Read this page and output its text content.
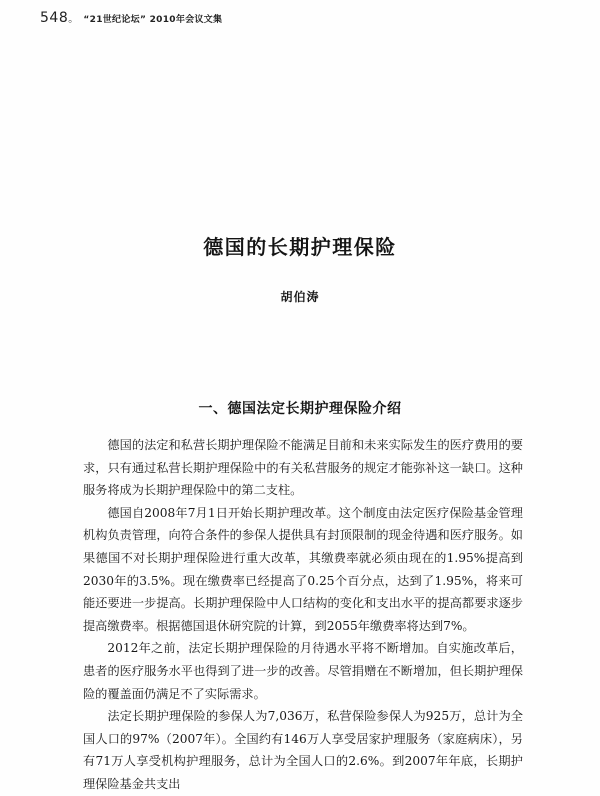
548。 “21世纪论坛” 2010年会议文集
德国的长期护理保险
胡伯涛
一、德国法定长期护理保险介绍

德国的法定和私营长期护理保险不能满足目前和未来实际发生的医疗费用的要求，只有通过私营长期护理保险中的有关私营服务的规定才能弥补这一缺口。这种服务将成为长期护理保险中的第二支柱。

德国自2008年7月1日开始长期护理改革。这个制度由法定医疗保险基金管理机构负责管理，向符合条件的参保人提供具有封顶限制的现金待遇和医疗服务。如果德国不对长期护理保险进行重大改革，其缴费率就必须由现在的1.95%提高到2030年的3.5%。现在缴费率已经提高了0.25个百分点，达到了1.95%，将来可能还要进一步提高。长期护理保险中人口结构的变化和支出水平的提高都要求逐步提高缴费率。根据德国退休研究院的计算，到2055年缴费率将达到7%。

2012年之前，法定长期护理保险的月待遇水平将不断增加。自实施改革后，患者的医疗服务水平也得到了进一步的改善。尽管捐赠在不断增加，但长期护理保险的覆盖面仍满足不了实际需求。

法定长期护理保险的参保人为7,036万，私营保险参保人为925万，总计为全国人口的97%（2007年）。全国约有146万人享受居家护理服务（家庭病床），另有71万人享受机构护理服务，总计为全国人口的2.6%。到2007年年底，长期护理保险基金共支出
